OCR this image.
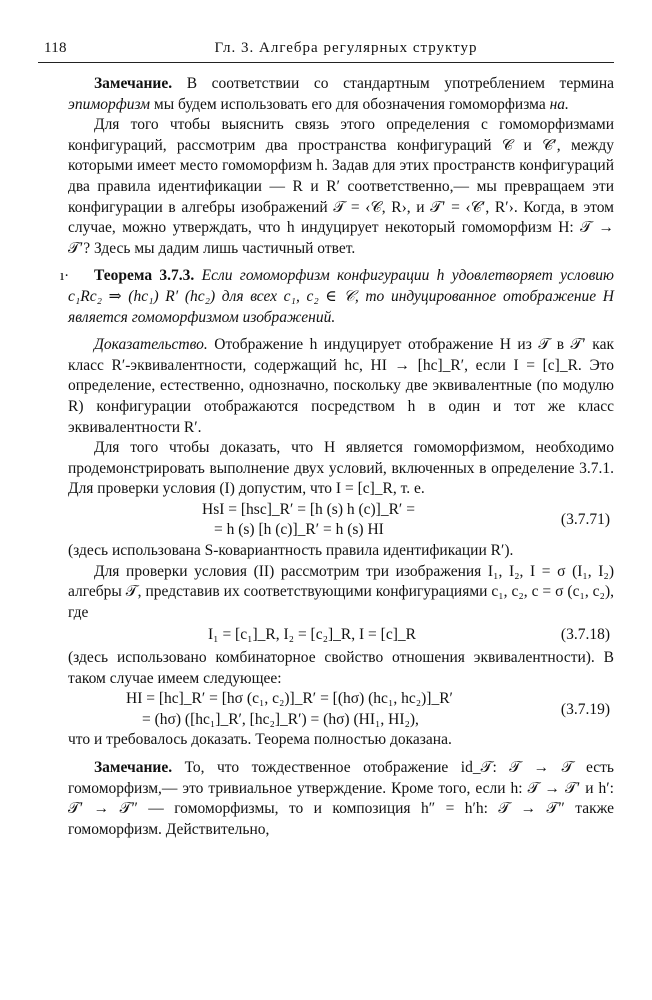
118	Гл. 3. Алгебра регулярных структур

Замечание. В соответствии со стандартным употреблением термина эпиморфизм мы будем использовать его для обозначения гомоморфизма на.

Для того чтобы выяснить связь этого определения с гомоморфизмами конфигураций, рассмотрим два пространства конфигураций 𝒞 и 𝒞′, между которыми имеет место гомоморфизм h. Задав для этих пространств конфигураций два правила идентификации — R и R′ соответственно,— мы превращаем эти конфигурации в алгебры изображений 𝒯 = ‹𝒞, R›, и 𝒯′ = ‹𝒞′, R′›. Когда, в этом случае, можно утверждать, что h индуцирует некоторый гомоморфизм H: 𝒯 → 𝒯′? Здесь мы дадим лишь частичный ответ.

ı· Теорема 3.7.3. Если гомоморфизм конфигурации h удовлетворяет условию c₁Rc₂ ⇒ (hc₁) R′ (hc₂) для всех c₁, c₂ ∈ 𝒞, то индуцированное отображение H является гомоморфизмом изображений.

Доказательство. Отображение h индуцирует отображение H из 𝒯 в 𝒯′ как класс R′-эквивалентности, содержащий hc, HI → [hc]_R′, если I = [c]_R. Это определение, естественно, однозначно, поскольку две эквивалентные (по модулю R) конфигурации отображаются посредством h в один и тот же класс эквивалентности R′.

Для того чтобы доказать, что H является гомоморфизмом, необходимо продемонстрировать выполнение двух условий, включенных в определение 3.7.1. Для проверки условия (I) допустим, что I = [c]_R, т. е.

HsI = [hsc]_R′ = [h (s) h (c)]_R′ =
= h (s) [h (c)]_R′ = h (s) HI
(3.7.71)

(здесь использована S-ковариантность правила идентификации R′).

Для проверки условия (II) рассмотрим три изображения I₁, I₂, I = σ (I₁, I₂) алгебры 𝒯, представив их соответствующими конфигурациями c₁, c₂, c = σ (c₁, c₂), где

I₁ = [c₁]_R, I₂ = [c₂]_R, I = [c]_R	(3.7.18)

(здесь использовано комбинаторное свойство отношения эквивалентности). В таком случае имеем следующее:

HI = [hc]_R′ = [hσ (c₁, c₂)]_R′ = [(hσ) (hc₁, hc₂)]_R′
= (hσ) ([hc₁]_R′, [hc₂]_R′) = (hσ) (HI₁, HI₂),
(3.7.19)

что и требовалось доказать. Теорема полностью доказана.

Замечание. То, что тождественное отображение id_𝒯: 𝒯 → 𝒯 есть гомоморфизм,— это тривиальное утверждение. Кроме того, если h: 𝒯 → 𝒯′ и h′: 𝒯′ → 𝒯″ — гомоморфизмы, то и композиция h″ = h′h: 𝒯 → 𝒯″ также гомоморфизм. Действительно,
